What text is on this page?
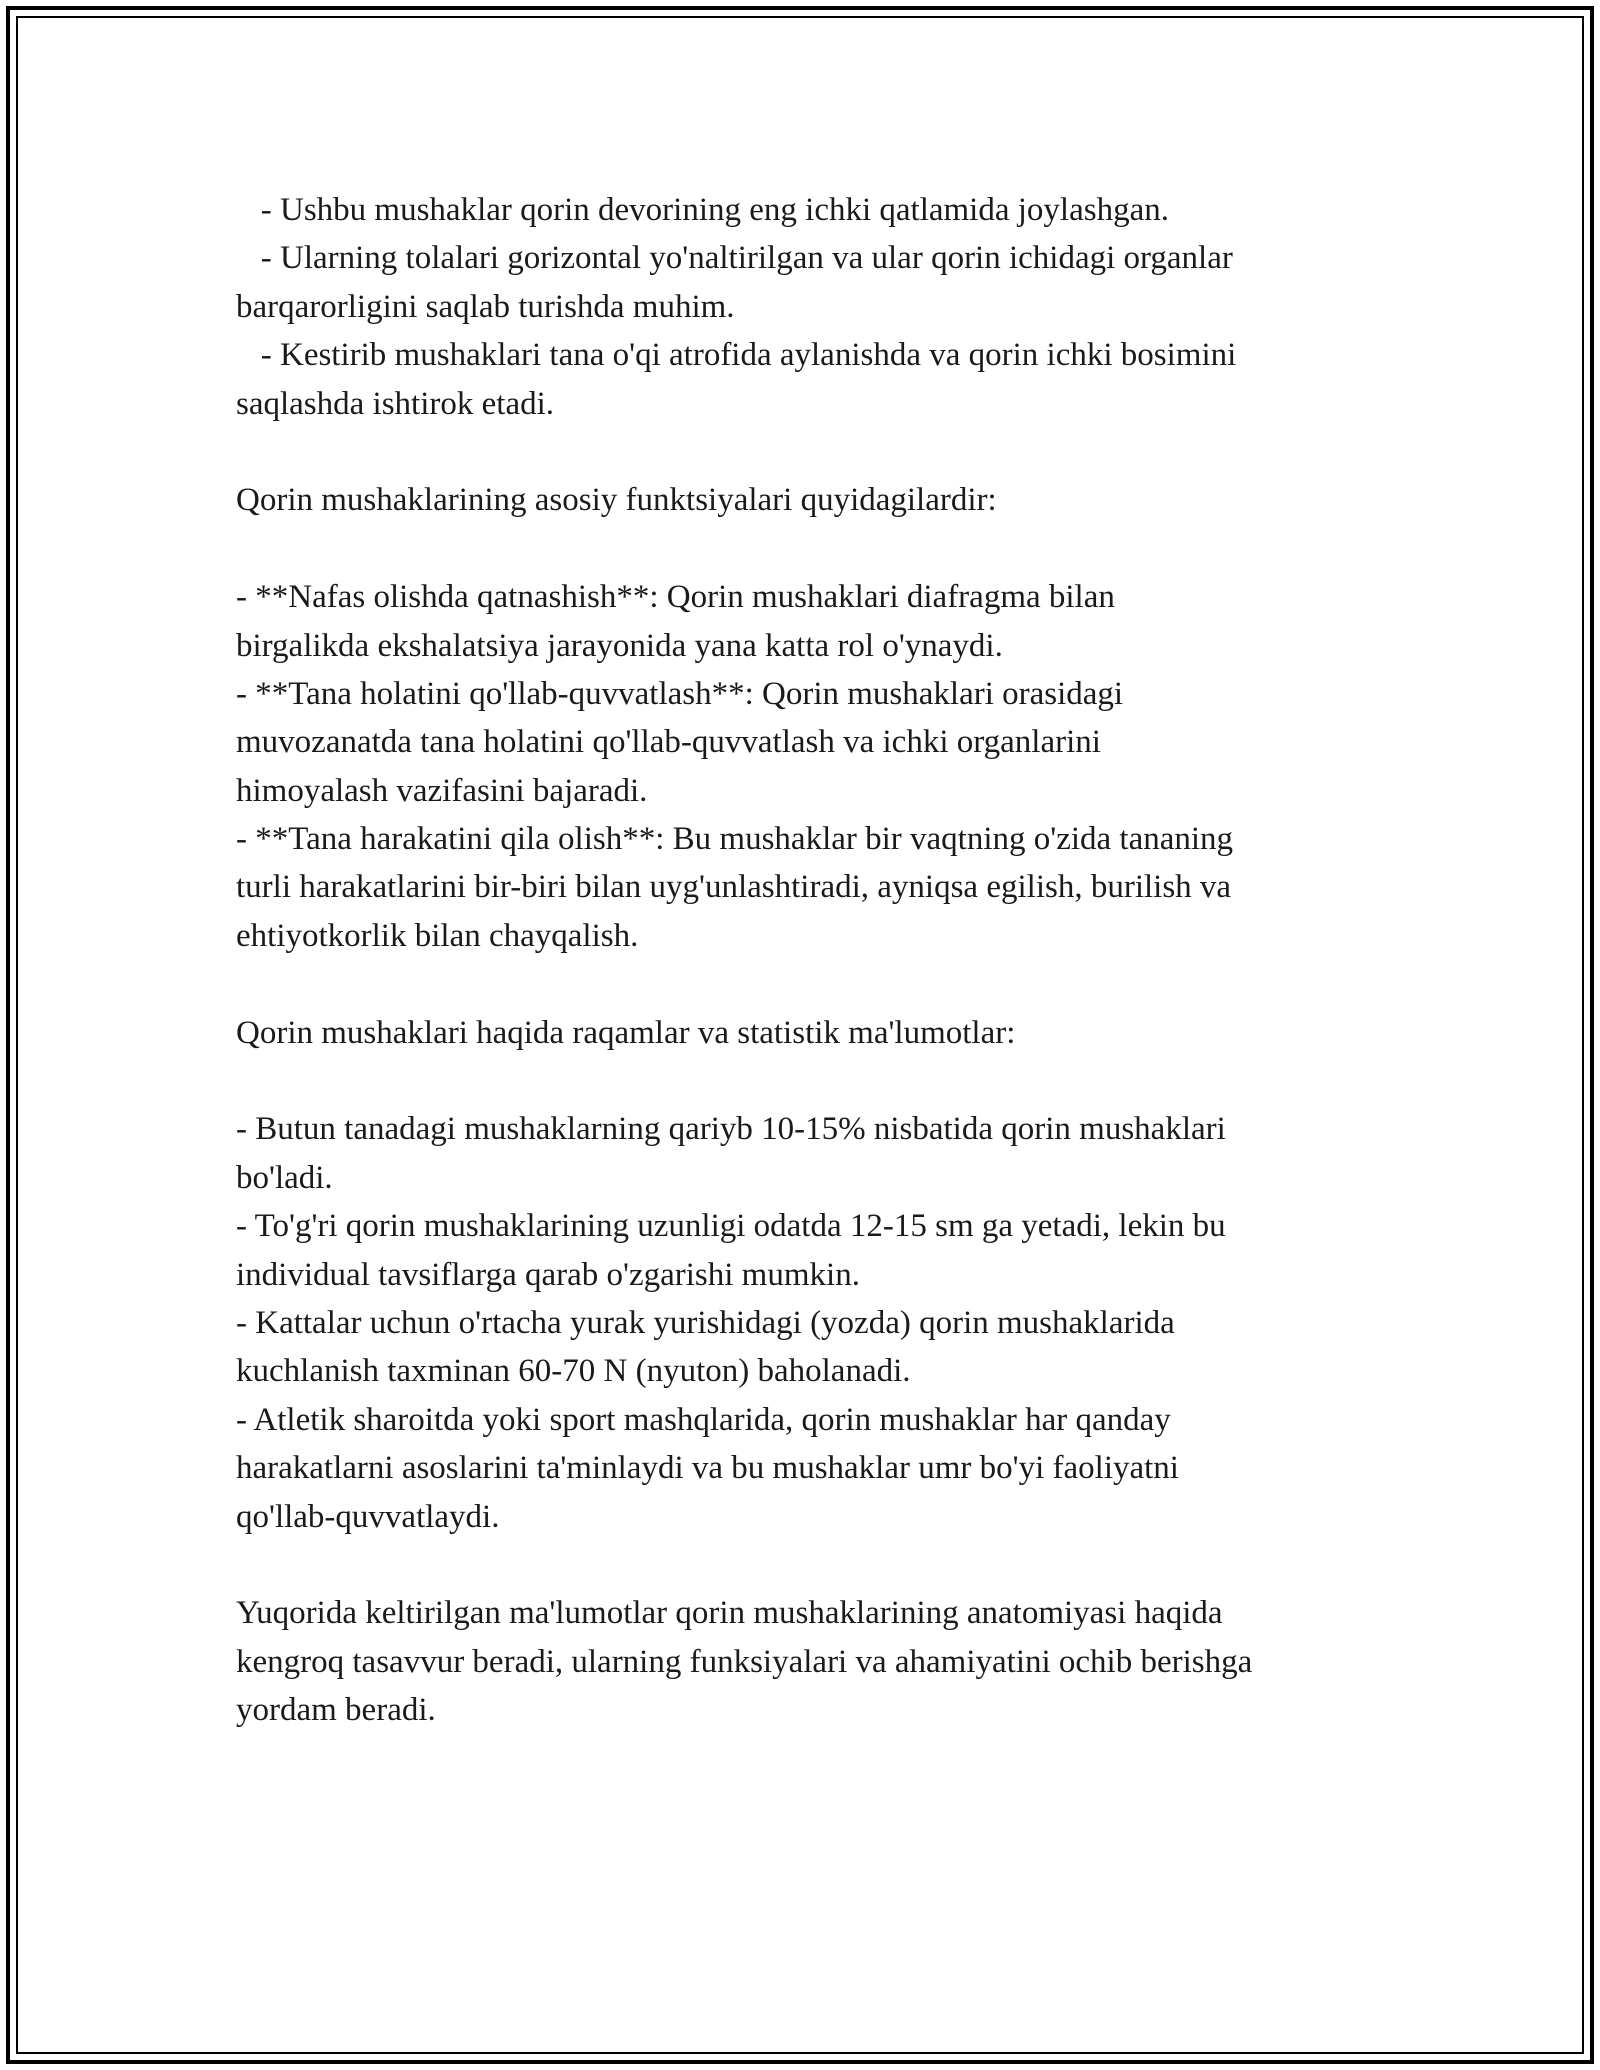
- Ushbu mushaklar qorin devorining eng ichki qatlamida joylashgan.
- Ularning tolalari gorizontal yo'naltirilgan va ular qorin ichidagi organlar
barqarorligini saqlab turishda muhim.
- Kestirib mushaklari tana o'qi atrofida aylanishda va qorin ichki bosimini
saqlashda ishtirok etadi.
Qorin mushaklarining asosiy funktsiyalari quyidagilardir:
- **Nafas olishda qatnashish**: Qorin mushaklari diafragma bilan
birgalikda ekshalatsiya jarayonida yana katta rol o'ynaydi.
- **Tana holatini qo'llab-quvvatlash**: Qorin mushaklari orasidagi
muvozanatda tana holatini qo'llab-quvvatlash va ichki organlarini
himoyalash vazifasini bajaradi.
- **Tana harakatini qila olish**: Bu mushaklar bir vaqtning o'zida tananing
turli harakatlarini bir-biri bilan uyg'unlashtiradi, ayniqsa egilish, burilish va
ehtiyotkorlik bilan chayqalish.
Qorin mushaklari haqida raqamlar va statistik ma'lumotlar:
- Butun tanadagi mushaklarning qariyb 10-15% nisbatida qorin mushaklari
bo'ladi.
- To'g'ri qorin mushaklarining uzunligi odatda 12-15 sm ga yetadi, lekin bu
individual tavsiflarga qarab o'zgarishi mumkin.
- Kattalar uchun o'rtacha yurak yurishidagi (yozda) qorin mushaklarida
kuchlanish taxminan 60-70 N (nyuton) baholanadi.
- Atletik sharoitda yoki sport mashqlarida, qorin mushaklar har qanday
harakatlarni asoslarini ta'minlaydi va bu mushaklar umr bo'yi faoliyatni
qo'llab-quvvatlaydi.
Yuqorida keltirilgan ma'lumotlar qorin mushaklarining anatomiyasi haqida
kengroq tasavvur beradi, ularning funksiyalari va ahamiyatini ochib berishga
yordam beradi.
